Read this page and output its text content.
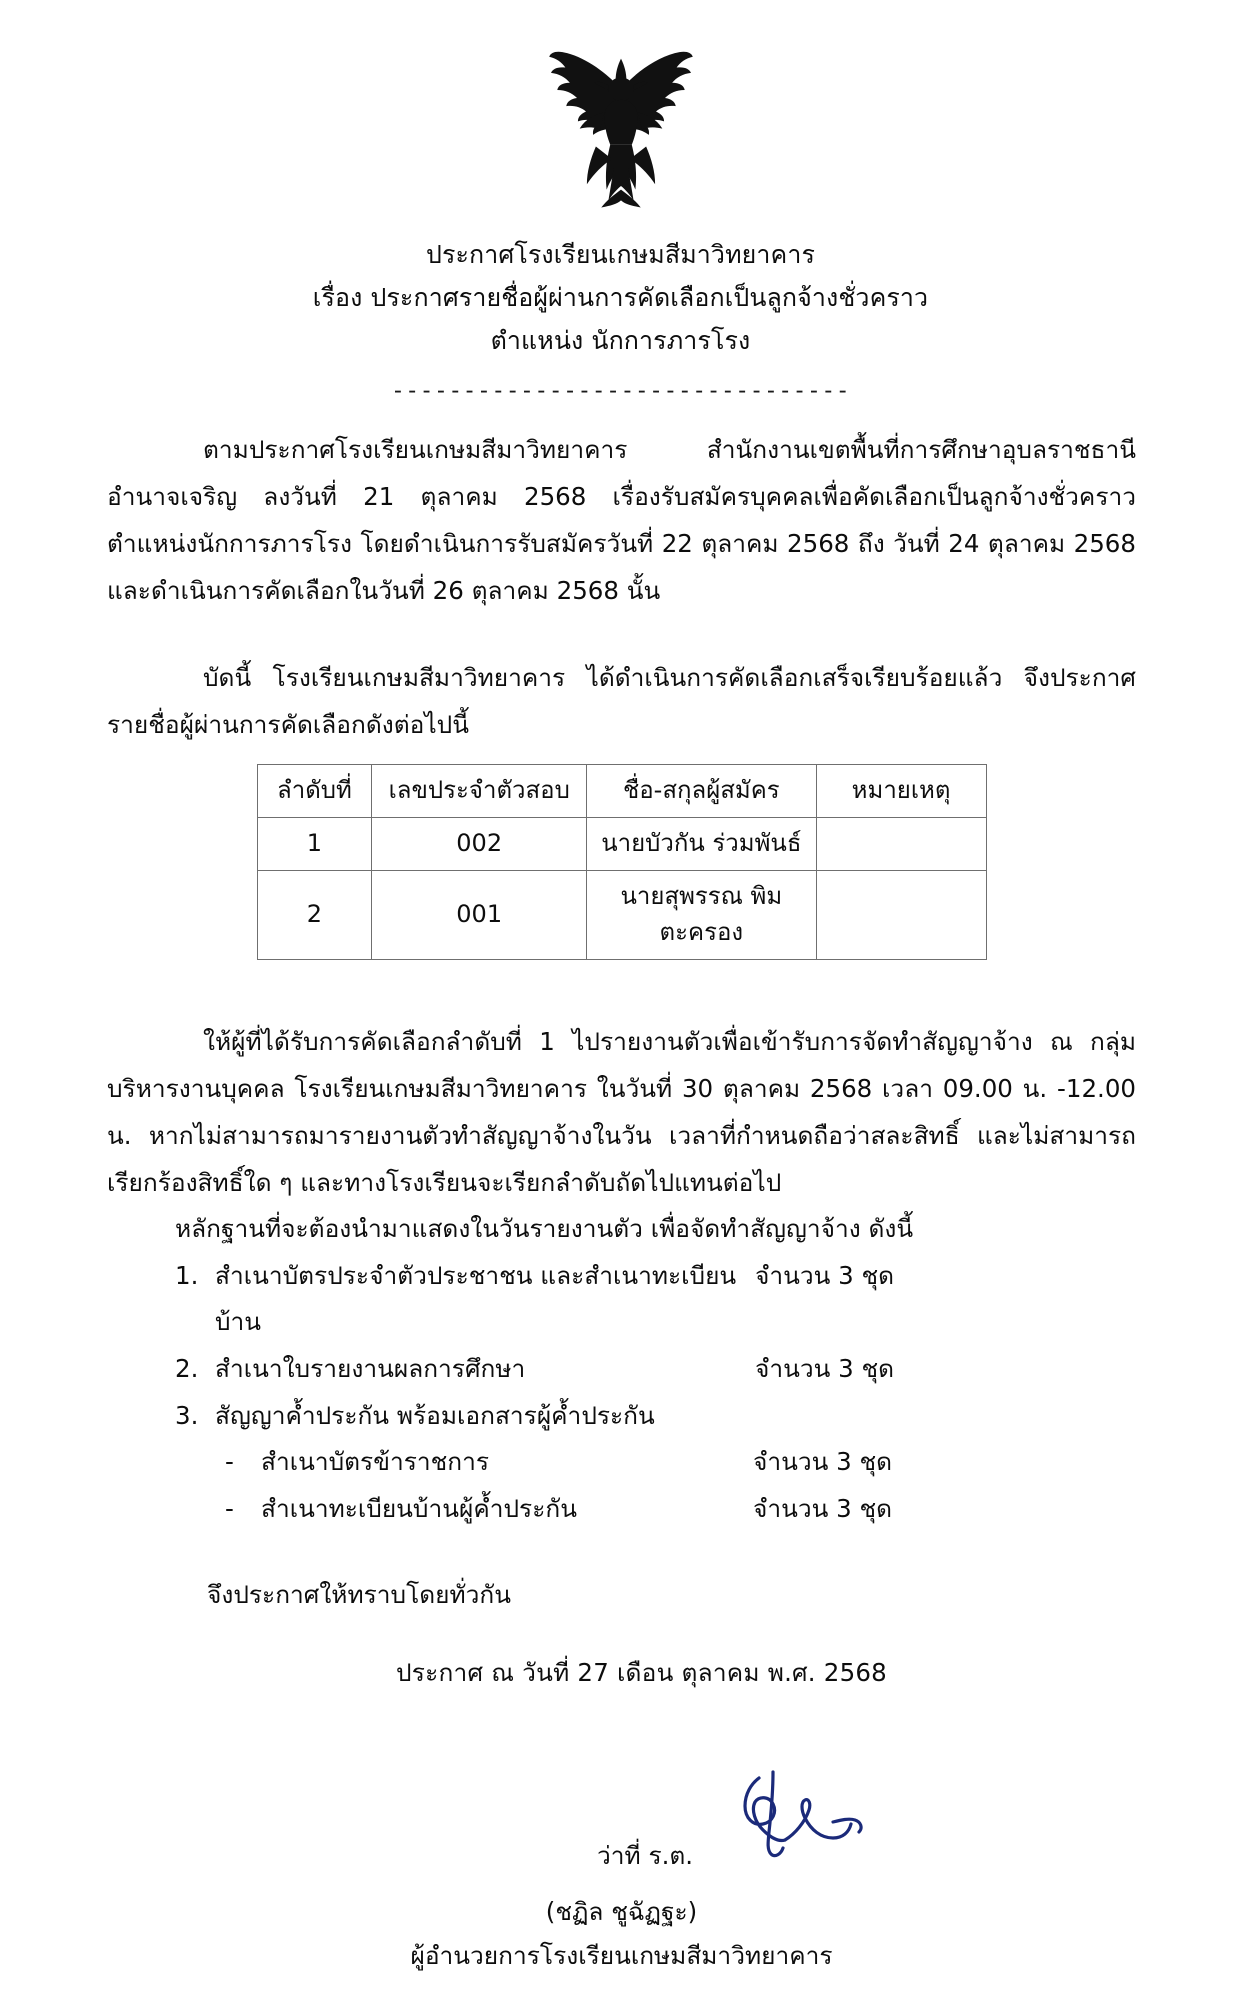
ประกาศโรงเรียนเกษมสีมาวิทยาคาร
เรื่อง ประกาศรายชื่อผู้ผ่านการคัดเลือกเป็นลูกจ้างชั่วคราว
ตำแหน่ง นักการภารโรง
--------------------------------

ตามประกาศโรงเรียนเกษมสีมาวิทยาคาร สำนักงานเขตพื้นที่การศึกษาอุบลราชธานี อำนาจเจริญ ลงวันที่ 21 ตุลาคม 2568 เรื่องรับสมัครบุคคลเพื่อคัดเลือกเป็นลูกจ้างชั่วคราว ตำแหน่งนักการภารโรง โดยดำเนินการรับสมัครวันที่ 22 ตุลาคม 2568 ถึง วันที่ 24 ตุลาคม 2568 และดำเนินการคัดเลือกในวันที่ 26 ตุลาคม 2568 นั้น

บัดนี้ โรงเรียนเกษมสีมาวิทยาคาร ได้ดำเนินการคัดเลือกเสร็จเรียบร้อยแล้ว จึงประกาศรายชื่อผู้ผ่านการคัดเลือกดังต่อไปนี้

ลำดับที่	เลขประจำตัวสอบ	ชื่อ-สกุลผู้สมัคร	หมายเหตุ
1	002	นายบัวกัน ร่วมพันธ์	
2	001	นายสุพรรณ พิมตะครอง	

ให้ผู้ที่ได้รับการคัดเลือกลำดับที่ 1 ไปรายงานตัวเพื่อเข้ารับการจัดทำสัญญาจ้าง ณ กลุ่มบริหารงานบุคคล โรงเรียนเกษมสีมาวิทยาคาร ในวันที่ 30 ตุลาคม 2568 เวลา 09.00 น. -12.00 น. หากไม่สามารถมารายงานตัวทำสัญญาจ้างในวัน เวลาที่กำหนดถือว่าสละสิทธิ์ และไม่สามารถเรียกร้องสิทธิ์ใด ๆ และทางโรงเรียนจะเรียกลำดับถัดไปแทนต่อไป

หลักฐานที่จะต้องนำมาแสดงในวันรายงานตัว เพื่อจัดทำสัญญาจ้าง ดังนี้
1. สำเนาบัตรประจำตัวประชาชน และสำเนาทะเบียนบ้าน
จำนวน 3 ชุด
2. สำเนาใบรายงานผลการศึกษา	จำนวน 3 ชุด
3. สัญญาค้ำประกัน พร้อมเอกสารผู้ค้ำประกัน
-	สำเนาบัตรข้าราชการ	จำนวน 3 ชุด
-	สำเนาทะเบียนบ้านผู้ค้ำประกัน	จำนวน 3 ชุด
จึงประกาศให้ทราบโดยทั่วกัน
ประกาศ ณ วันที่ 27 เดือน ตุลาคม พ.ศ. 2568
ว่าที่ ร.ต.
(ชฏิล ชูฉัฏฐะ)
ผู้อำนวยการโรงเรียนเกษมสีมาวิทยาคาร
